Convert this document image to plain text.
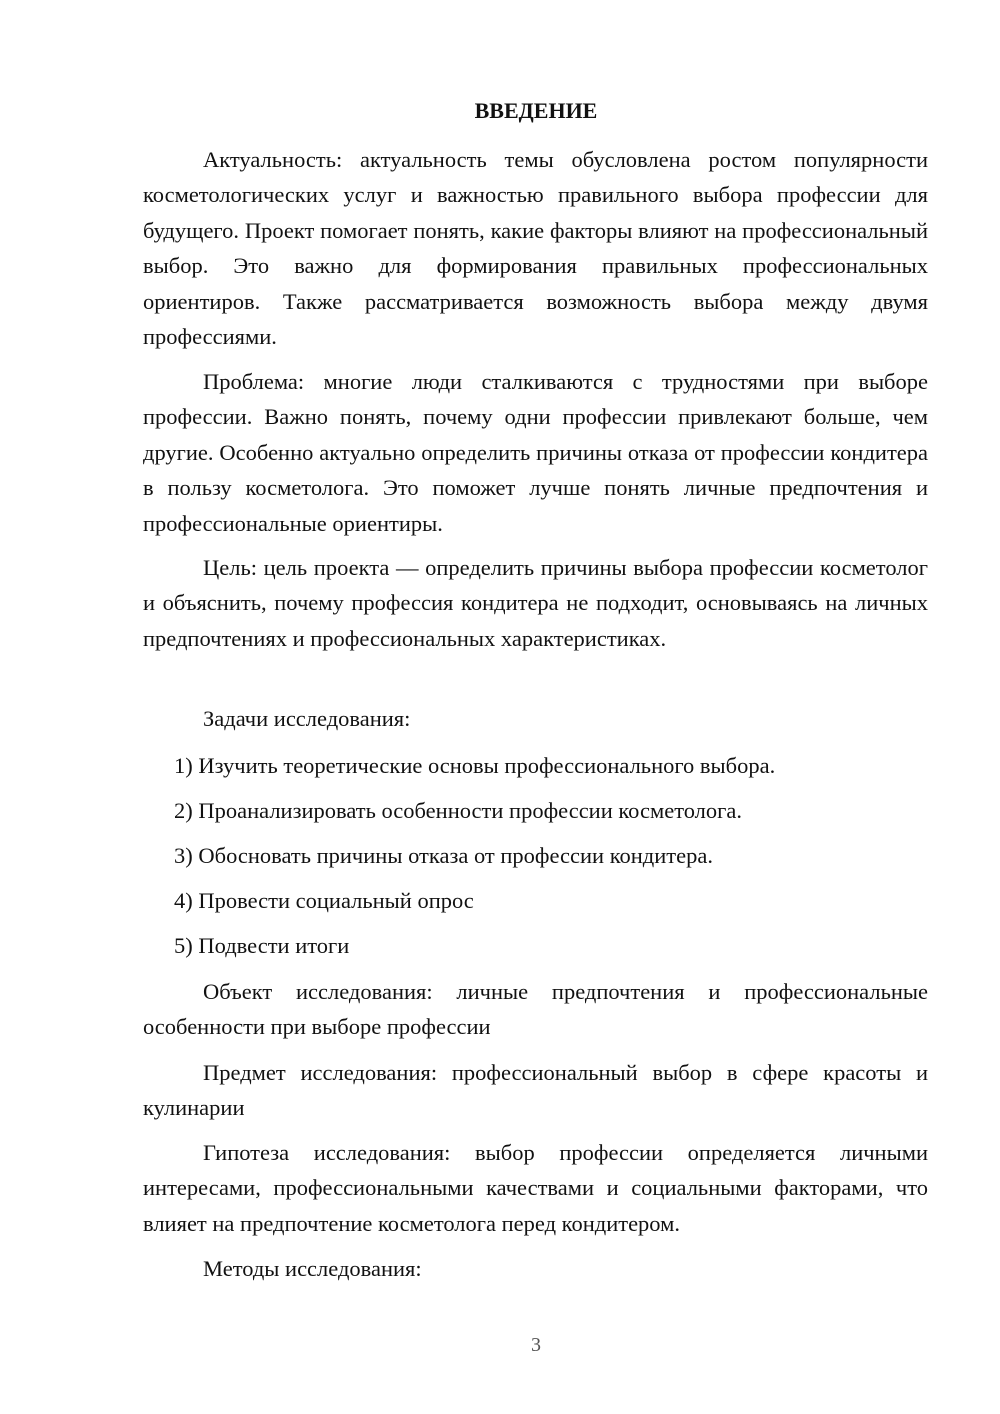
ВВЕДЕНИЕ

Актуальность: актуальность темы обусловлена ростом популярности косметологических услуг и важностью правильного выбора профессии для будущего. Проект помогает понять, какие факторы влияют на профессиональный выбор. Это важно для формирования правильных профессиональных ориентиров. Также рассматривается возможность выбора между двумя профессиями.

Проблема: многие люди сталкиваются с трудностями при выборе профессии. Важно понять, почему одни профессии привлекают больше, чем другие. Особенно актуально определить причины отказа от профессии кондитера в пользу косметолога. Это поможет лучше понять личные предпочтения и профессиональные ориентиры.

Цель: цель проекта — определить причины выбора профессии косметолог и объяснить, почему профессия кондитера не подходит, основываясь на личных предпочтениях и профессиональных характеристиках.

Задачи исследования:

1) Изучить теоретические основы профессионального выбора.

2) Проанализировать особенности профессии косметолога.

3) Обосновать причины отказа от профессии кондитера.

4) Провести социальный опрос

5) Подвести итоги

Объект исследования: личные предпочтения и профессиональные особенности при выборе профессии

Предмет исследования: профессиональный выбор в сфере красоты и кулинарии

Гипотеза исследования: выбор профессии определяется личными интересами, профессиональными качествами и социальными факторами, что влияет на предпочтение косметолога перед кондитером.

Методы исследования:

3
